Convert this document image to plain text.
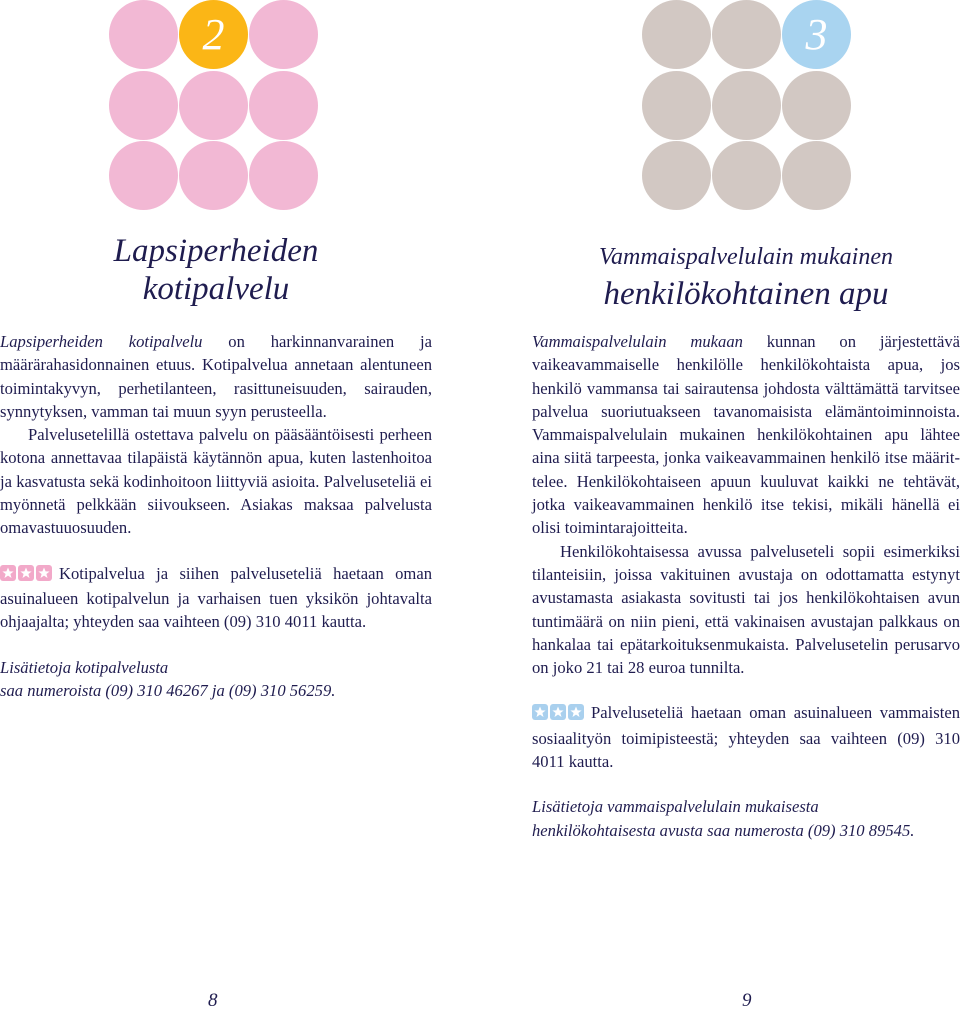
2
Lapsiperheiden
kotipalvelu

Lapsiperheiden kotipalvelu on harkinnanvarainen ja määrärahasidonnainen etuus. Kotipalvelua annetaan alentuneen toimintakyvyn, perhetilanteen, rasittuneisuuden, sairauden, synnytyksen, vamman tai muun syyn perusteella.

Palvelusetelillä ostettava palvelu on pääsääntöisesti perheen kotona annettavaa tilapäistä käytännön apua, kuten lastenhoitoa ja kasvatusta sekä kodinhoitoon liittyviä asioita. Palveluseteliä ei myönnetä pelkkään siivoukseen. Asiakas maksaa palvelusta omavastuuosuuden.

Kotipalvelua ja siihen palveluseteliä haetaan oman asuinalueen kotipalvelun ja varhaisen tuen yksikön johtavalta ohjaajalta; yhteyden saa vaihteen (09) 310 4011 kautta.

Lisätietoja kotipalvelusta
saa numeroista (09) 310 46267 ja (09) 310 56259.
8
3
Vammaispalvelulain mukainen
henkilökohtainen apu

Vammaispalvelulain mukaan kunnan on järjestettävä vaikeavammaiselle henkilölle henkilökohtaista apua, jos henkilö vammansa tai sairautensa johdosta välttämättä tarvitsee palvelua suoriutuakseen tavanomaisista elämäntoiminnoista. Vammaispalvelulain mukainen henkilökohtainen apu lähtee aina siitä tarpeesta, jonka vaikeavammainen henkilö itse määrittelee. Henkilökohtaiseen apuun kuuluvat kaikki ne tehtävät, jotka vaikeavammainen henkilö itse tekisi, mikäli hänellä ei olisi toimintarajoitteita.

Henkilökohtaisessa avussa palveluseteli sopii esimerkiksi tilanteisiin, joissa vakituinen avustaja on odottamatta estynyt avustamasta asiakasta sovitusti tai jos henkilökohtaisen avun tuntimäärä on niin pieni, että vakinaisen avustajan palkkaus on hankalaa tai epätarkoituksenmukaista. Palvelusetelin perusarvo on joko 21 tai 28 euroa tunnilta.

Palveluseteliä haetaan oman asuinalueen vammaisten sosiaalityön toimipisteestä; yhteyden saa vaihteen (09) 310 4011 kautta.

Lisätietoja vammaispalvelulain mukaisesta
henkilökohtaisesta avusta saa numerosta (09) 310 89545.
9
